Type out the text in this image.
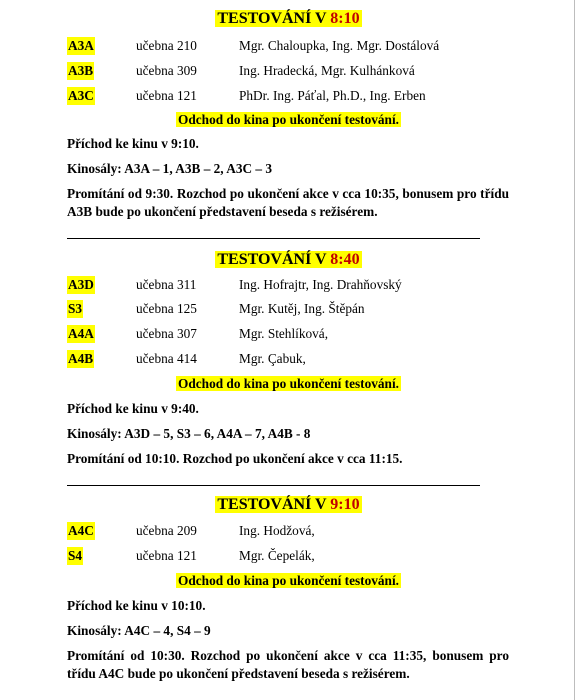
TESTOVÁNÍ V 8:10
A3A	učebna 210	Mgr. Chaloupka, Ing. Mgr. Dostálová
A3B	učebna 309	Ing. Hradecká, Mgr. Kulhánková
A3C	učebna 121	PhDr. Ing. Páťal, Ph.D., Ing. Erben
Odchod do kina po ukončení testování.
Příchod ke kinu v 9:10.
Kinosály: A3A – 1, A3B – 2, A3C – 3
Promítání od 9:30. Rozchod po ukončení akce v cca 10:35, bonusem pro třídu A3B bude po ukončení představení beseda s režisérem.
TESTOVÁNÍ V 8:40
A3D	učebna 311	Ing. Hofrajtr, Ing. Drahňovský
S3	učebna 125	Mgr. Kutěj, Ing. Štěpán
A4A	učebna 307	Mgr. Stehlíková,
A4B	učebna 414	Mgr. Çabuk,
Odchod do kina po ukončení testování.
Příchod ke kinu v 9:40.
Kinosály: A3D – 5, S3 – 6, A4A – 7, A4B - 8
Promítání od 10:10. Rozchod po ukončení akce v cca 11:15.
TESTOVÁNÍ V 9:10
A4C	učebna 209	Ing. Hodžová,
S4	učebna 121	Mgr. Čepelák,
Odchod do kina po ukončení testování.
Příchod ke kinu v 10:10.
Kinosály: A4C – 4, S4 – 9
Promítání od 10:30. Rozchod po ukončení akce v cca 11:35, bonusem pro třídu A4C bude po ukončení představení beseda s režisérem.
